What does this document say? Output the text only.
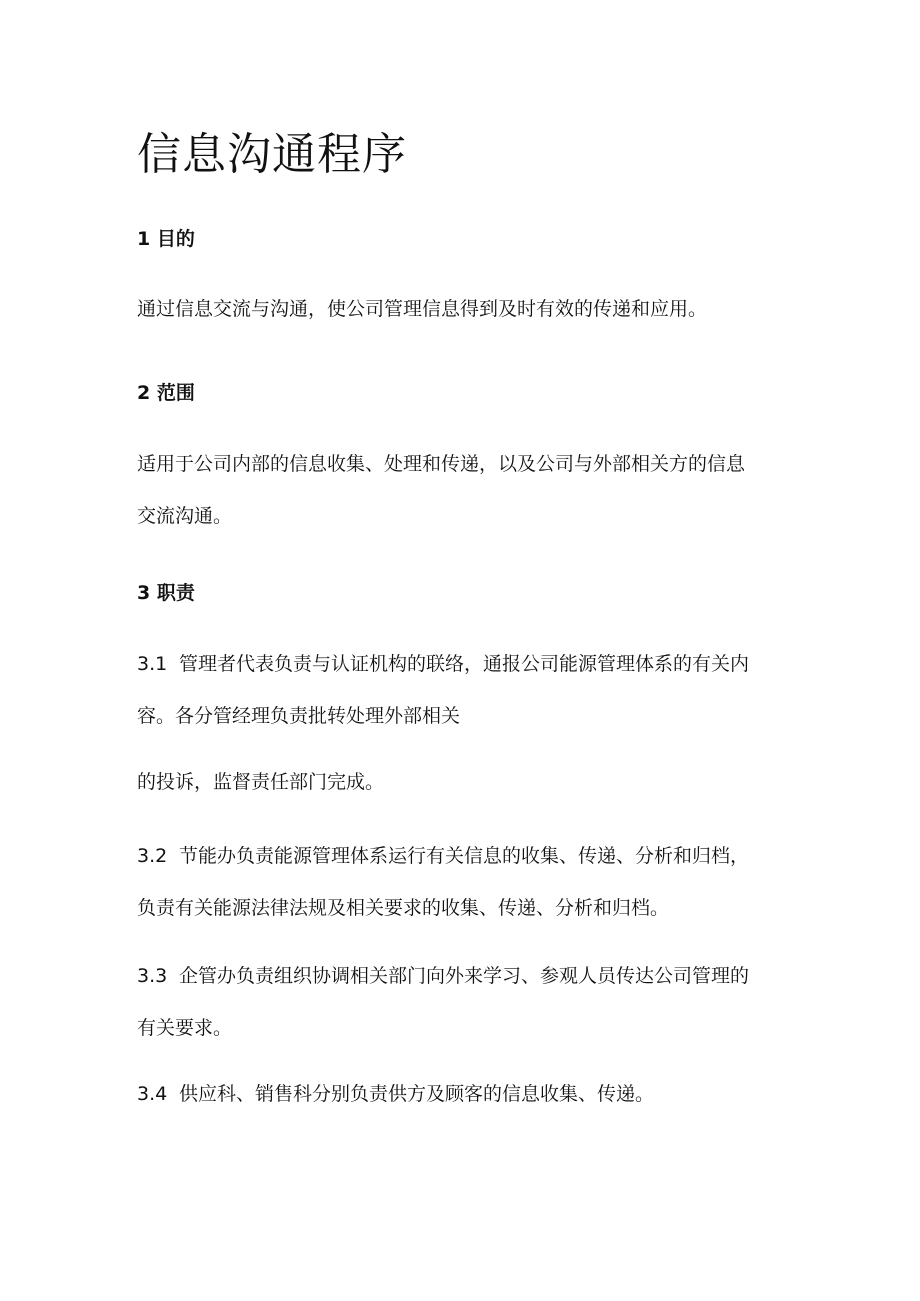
信息沟通程序
1 目的

通过信息交流与沟通，使公司管理信息得到及时有效的传递和应用。

2 范围

适用于公司内部的信息收集、处理和传递，以及公司与外部相关方的信息
交流沟通。

3 职责

3.1 管理者代表负责与认证机构的联络，通报公司能源管理体系的有关内
容。各分管经理负责批转处理外部相关

的投诉，监督责任部门完成。

3.2 节能办负责能源管理体系运行有关信息的收集、传递、分析和归档，
负责有关能源法律法规及相关要求的收集、传递、分析和归档。

3.3 企管办负责组织协调相关部门向外来学习、参观人员传达公司管理的
有关要求。

3.4 供应科、销售科分别负责供方及顾客的信息收集、传递。
